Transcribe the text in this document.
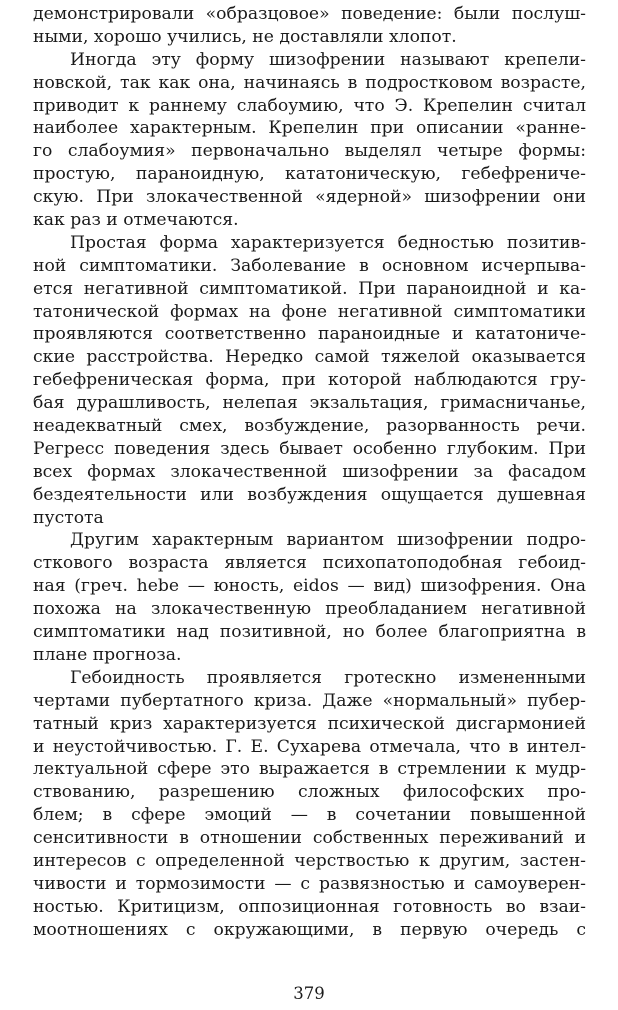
демонстрировали «образцовое» поведение: были послуш-
ными, хорошо учились, не доставляли хлопот.
Иногда эту форму шизофрении называют крепели-
новской, так как она, начинаясь в подростковом возрасте,
приводит к раннему слабоумию, что Э. Крепелин считал
наиболее характерным. Крепелин при описании «ранне-
го слабоумия» первоначально выделял четыре формы:
простую, параноидную, кататоническую, гебефрениче-
скую. При злокачественной «ядерной» шизофрении они
как раз и отмечаются.
Простая форма характеризуется бедностью позитив-
ной симптоматики. Заболевание в основном исчерпыва-
ется негативной симптоматикой. При параноидной и ка-
татонической формах на фоне негативной симптоматики
проявляются соответственно параноидные и кататониче-
ские расстройства. Нередко самой тяжелой оказывается
гебефреническая форма, при которой наблюдаются гру-
бая дурашливость, нелепая экзальтация, гримасничанье,
неадекватный смех, возбуждение, разорванность речи.
Регресс поведения здесь бывает особенно глубоким. При
всех формах злокачественной шизофрении за фасадом
бездеятельности или возбуждения ощущается душевная
пустота
Другим характерным вариантом шизофрении подро-
сткового возраста является психопатоподобная гебоид-
ная (греч. hebe — юность, eidos — вид) шизофрения. Она
похожа на злокачественную преобладанием негативной
симптоматики над позитивной, но более благоприятна в
плане прогноза.
Гебоидность проявляется гротескно измененными
чертами пубертатного криза. Даже «нормальный» пубер-
татный криз характеризуется психической дисгармонией
и неустойчивостью. Г. Е. Сухарева отмечала, что в интел-
лектуальной сфере это выражается в стремлении к мудр-
ствованию, разрешению сложных философских про-
блем; в сфере эмоций — в сочетании повышенной
сенситивности в отношении собственных переживаний и
интересов с определенной черствостью к другим, застен-
чивости и тормозимости — с развязностью и самоуверен-
ностью. Критицизм, оппозиционная готовность во взаи-
моотношениях с окружающими, в первую очередь с
379
